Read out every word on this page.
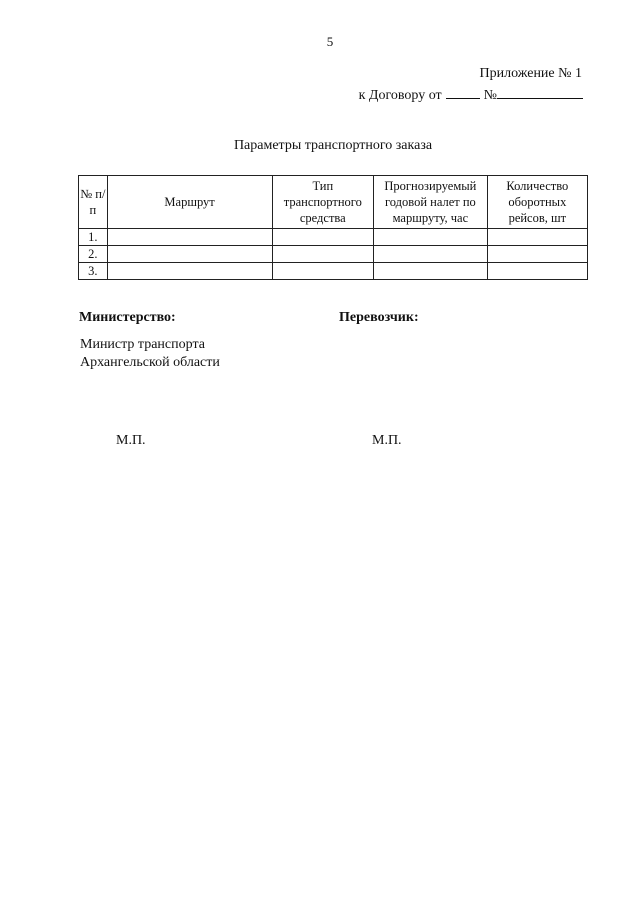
5
Приложение № 1
к Договору от	№
Параметры транспортного заказа
№ п/п	Маршрут	Тип транспортного средства	Прогнозируемый годовой налет по маршруту, час	Количество оборотных рейсов, шт
1.				
2.				
3.				
Министерство:	Перевозчик:
Министр транспорта
Архангельской области
М.П.	М.П.
